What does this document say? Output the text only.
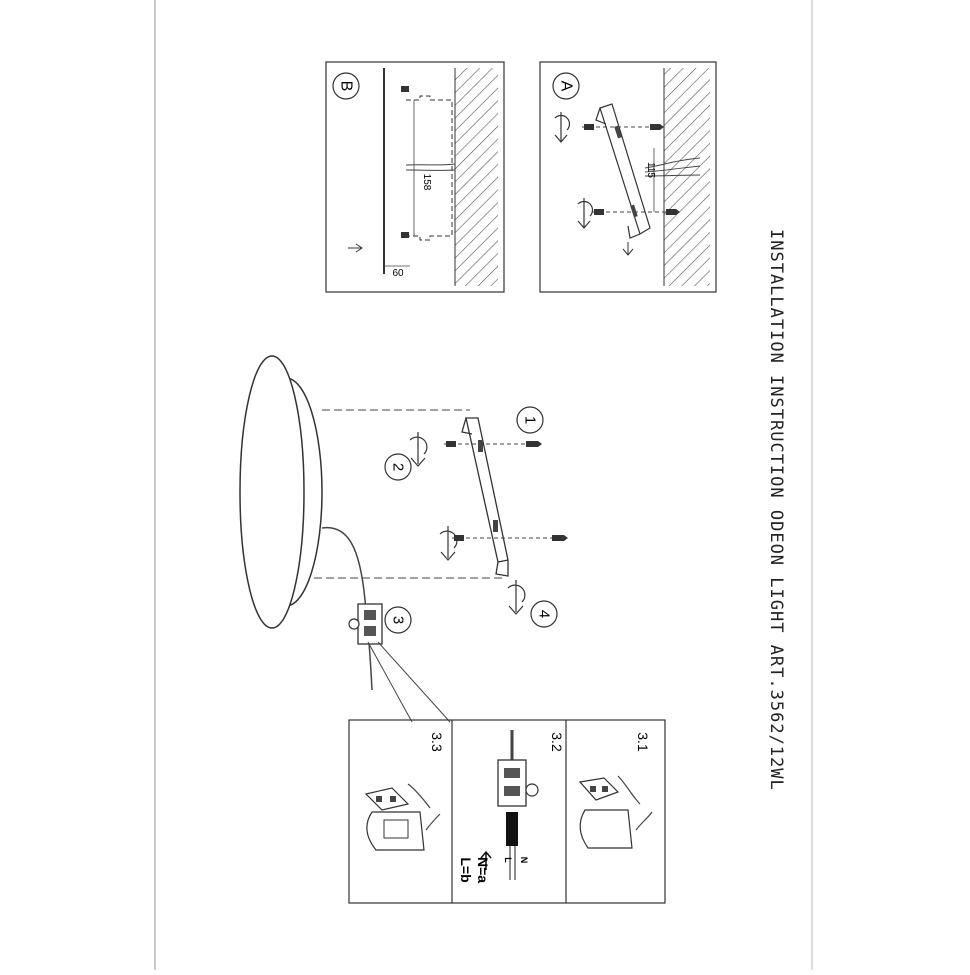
A
115
B
158
60
1
2
3
4
3.1
3.2
L N
N=a
L=b
3.3	INSTALLATION INSTRUCTION ODEON LIGHT ART.3562/12WL
